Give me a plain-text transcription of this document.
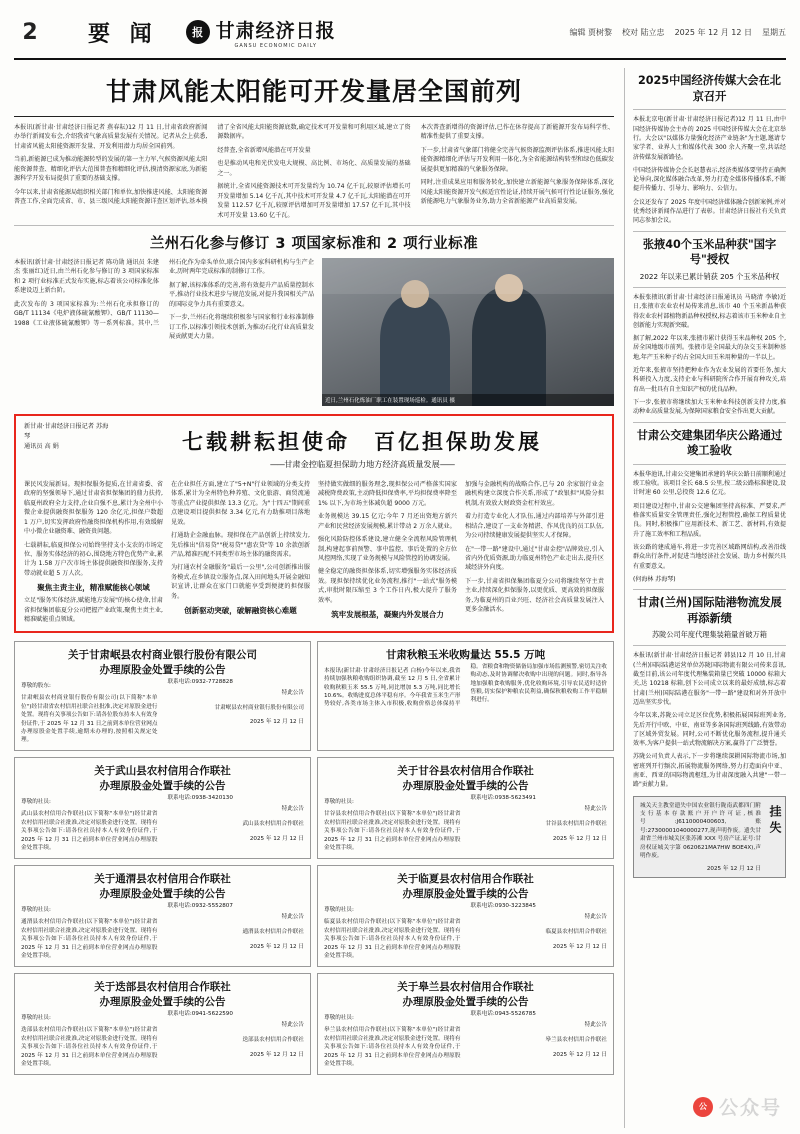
2	要 闻	报 甘肃经济日报
GANSU ECONOMIC DAILY
编辑 贾树黎 校对 陆立忠 2025 年 12 月 12 日 星期五
甘肃风能太阳能可开发量居全国前列

本报讯(新甘肃·甘肃经济日报记者 燕春耘)12 月 11 日,甘肃省政府新闻办举行新闻发布会,介绍我省气象高质量发展有关情况。记者从会上获悉,甘肃省风能太阳能资源开发量、开发利用潜力均居全国前列。

当前,新能源已成为推动能源转型的发展的第一主力军,气候资源风能太阳能资源普查、精细化评估大范围普查和精细化评估,摸清资源家底,为新能源科学开发布局提供了重要的基础支撑。

今年以来,甘肃省能源局组织相关部门和单位,加快推进风能、太阳能资源普查工作,全面完成省、市、县三级风能太阳能资源详查区划评估,基本摸清了全省风能太阳能资源底数,确定技术可开发量和可利用区域,建立了资源数据库。

经普查,全省新增风能潜在可开发量

也是推动风电和光伏发电大规模、高比例、市场化、高质量发展的基础之一。

据统计,全省风能资源技术可开发量约为 10.74 亿千瓦,较原评估增长可开发量增加 5.14 亿千瓦,其中技术可开发量 4.7 亿千瓦,太阳能潜在可开发量 112.57 亿千瓦,较原评估增加可开发量增加 17.57 亿千瓦,其中技术可开发量 13.60 亿千瓦。

本次普查新增得的资源评估,已作在休存提高了新能源开发布局科学性、精准性提供了重要支撑。

下一步,甘肃省气象部门将健全完善气候资源监测评估体系,推进风能太阳能资源精细化评估与开发利用一体化,为全省能源结构转型和绿色低碳发展提供更加精准的气象服务保障。

同时,注重成果应用和服务转化,加快建立新能源气象服务保障体系,深化风能太阳能资源开发气候适宜性论证,持续开展气候可行性论证服务,强化新能源电力气象服务业务,助力全省新能源产业高质量发展。

兰州石化参与修订 3 项国家标准和 2 项行业标准

本报讯(新甘肃·甘肃经济日报记者 陈功勋 通讯员 朱建杰 张丽红)近日,由兰州石化参与修订的 3 项国家标准和 2 项行业标准正式发布实施,标志着该公司标准化体系建设迈上新台阶。

此次发布的 3 项国家标准为:兰州石化承担修订的 GB/T 11134《电炉液体硫氰酸钾》、GB/T 11130—1988《工业液体硫氰酸钾》等一系列标准。其中,兰州石化作为牵头单位,联合国内多家科研机构与生产企业,历时两年完成标准的制修订工作。

据了解,该标准体系的完善,将有效提升产品质量控制水平,推动行业技术进步与规范发展,对提升我国相关产品的国际竞争力具有重要意义。

下一步,兰州石化将继续积极参与国家和行业标准制修订工作,以标准引领技术创新,为推动石化行业高质量发展贡献更大力量。

近日,兰州石化炼油厂职工在装置现场巡检。通讯员 摄
新甘肃·甘肃经济日报记者 苏海琴
通讯员 高 娟	七载耕耘担使命　百亿担保助发展
—— 甘肃金控临夏担保助力地方经济高质量发展 ——

课民风发展新局。现担保服务提质,在甘肃省委、省政府的坚强领导下,通过甘肃省担保集团的鼎力扶持,临夏州政府全力支持,企业自强不息,累计为全州中小微企业提供融资担保服务 120 余亿元,担保户数超 1 万户,切实发挥政府性融资担保机构作用,有效缓解中小微企业融资难、融资贵问题。

七载耕耘,临夏担保公司始终坚持支小支农的市场定位、服务实体经济的初心,围绕地方特色优势产业,累计为 1.58 万户次市场主体提供融资担保服务,支持带动就业超 5 万人次。

聚焦主责主业，精准赋能核心领域

立足"服务实体经济,赋能地方发展"的核心使命,甘肃省担保集团临夏分公司把握产业政策,聚焦主责主业,精准赋能重点领域。

在企业担任方面,建立了"5+N"行业领域的分类支持体系,累计为全州特色种养殖、文化旅游、商贸流通等重点产业提供担保 13.3 亿元。为"十四五"期间重点建设项目提供担保 3.34 亿元,有力助推项目落地见效。

打通助企金融血脉。现担保在产品创新上持续发力,先后推出"信易贷""税易贷""惠农贷"等 10 余款创新产品,精准匹配不同类型市场主体的融资需求。

为打通农村金融服务"最后一公里",公司创新推出服务模式,在乡镇设立服务点,深入田间地头开展金融知识宣讲,让群众在家门口就能享受到便捷的担保服务。

创新驱动突破，破解融资核心难题

坚持做实做细的服务理念,现担保公司严格落实国家减税降费政策,主动降低担保费率,平均担保费率降至 1% 以下,为市场主体减负超 9000 万元。

业务规模达 39.15 亿元;今年 7 月还出资地方新兴产业和民营经济发展规模,累计带动 2 万余人就业。

强化风险防控体系建设,建立健全全流程风险管理机制,构建起事前预警、事中监控、事后处置的全方位风控网络,实现了业务规模与风险管控的协调发展。

健全稳定的融资担保体系,切实增强服务实体经济质效。现担保持续优化业务流程,推行"一站式"服务模式,审批时限压缩至 3 个工作日内,极大提升了服务效率。

筑牢发展根基，凝聚内外发展合力

加强与金融机构的战略合作,已与 20 余家银行业金融机构建立深度合作关系,形成了"政银担"风险分担机制,有效放大财政资金杠杆效应。

着力打造专业化人才队伍,通过内部培养与外部引进相结合,建设了一支业务精湛、作风优良的员工队伍,为公司持续健康发展提供坚实人才保障。

在"一带一路"建设中,通过"甘肃金控"品牌效应,引入省内外优质资源,助力临夏州特色产业走出去,提升区域经济外向度。

下一步,甘肃省担保集团临夏分公司将继续坚守主责主业,持续深化担保服务,以更优质、更高效的担保服务,为临夏州的百业兴旺、经济社会高质量发展注入更多金融活水。

关于甘肃岷县农村商业银行股份有限公司
办理原股金处置手续的公告

尊敬的股东:

甘肃岷县农村商业银行股份有限公司(以下简称"本单位")经甘肃省农村信用社联合社批准,决定对原股金进行处置。现将有关事项公告如下:请各位股东持本人有效身份证件,于 2025 年 12 月 31 日之前到本单位营业网点办理原股金处置手续,逾期未办理的,按照相关规定处理。

联系电话:0932-7728828

特此公告

甘肃岷县农村商业银行股份有限公司

2025 年 12 月 12 日

甘肃秋粮玉米收购量达 55.5 万吨

本报讯(新甘肃·甘肃经济日报记者 白杨)今年以来,我省持续加强秋粮收购组织协调,截至 12 月 5 日,全省累计收购秋粮玉米 55.5 万吨,同比增加 5.3 万吨,同比增长 10.6%。收购进度总体平稳有序。今年我省玉米生产形势较好,各类市场主体入市积极,收购价格总体保持平稳。省粮食和物资储备局加强市场监测预警,密切关注收购动态,及时协调解决收购中出现的问题。同时,指导各地加强粮食收购服务,优化收购环境,引导农民适时适价售粮,切实保护种粮农民利益,确保秋粮收购工作平稳顺利进行。

关于武山县农村信用合作联社
办理原股金处置手续的公告

尊敬的社员:

武山县农村信用合作联社(以下简称"本单位")经甘肃省农村信用社联合社批准,决定对原股金进行处置。现将有关事项公告如下:请各位社员持本人有效身份证件,于 2025 年 12 月 31 日之前到本单位营业网点办理原股金处置手续。

联系电话:0938-3420130

特此公告

武山县农村信用合作联社

2025 年 12 月 12 日

关于甘谷县农村信用合作联社
办理原股金处置手续的公告

尊敬的社员:

甘谷县农村信用合作联社(以下简称"本单位")经甘肃省农村信用社联合社批准,决定对原股金进行处置。现将有关事项公告如下:请各位社员持本人有效身份证件,于 2025 年 12 月 31 日之前到本单位营业网点办理原股金处置手续。

联系电话:0938-5623491

特此公告

甘谷县农村信用合作联社

2025 年 12 月 12 日

关于通渭县农村信用合作联社
办理原股金处置手续的公告

尊敬的社员:

通渭县农村信用合作联社(以下简称"本单位")经甘肃省农村信用社联合社批准,决定对原股金进行处置。现将有关事项公告如下:请各位社员持本人有效身份证件,于 2025 年 12 月 31 日之前到本单位营业网点办理原股金处置手续。

联系电话:0932-5552807

特此公告

通渭县农村信用合作联社

2025 年 12 月 12 日

关于临夏县农村信用合作联社
办理原股金处置手续的公告

尊敬的社员:

临夏县农村信用合作联社(以下简称"本单位")经甘肃省农村信用社联合社批准,决定对原股金进行处置。现将有关事项公告如下:请各位社员持本人有效身份证件,于 2025 年 12 月 31 日之前到本单位营业网点办理原股金处置手续。

联系电话:0930-3223845

特此公告

临夏县农村信用合作联社

2025 年 12 月 12 日

关于迭部县农村信用合作联社
办理原股金处置手续的公告

尊敬的社员:

迭部县农村信用合作联社(以下简称"本单位")经甘肃省农村信用社联合社批准,决定对原股金进行处置。现将有关事项公告如下:请各位社员持本人有效身份证件,于 2025 年 12 月 31 日之前到本单位营业网点办理原股金处置手续。

联系电话:0941-5622590

特此公告

迭部县农村信用合作联社

2025 年 12 月 12 日

关于皋兰县农村信用合作联社
办理原股金处置手续的公告

尊敬的社员:

皋兰县农村信用合作联社(以下简称"本单位")经甘肃省农村信用社联合社批准,决定对原股金进行处置。现将有关事项公告如下:请各位社员持本人有效身份证件,于 2025 年 12 月 31 日之前到本单位营业网点办理原股金处置手续。

联系电话:0943-5526785

特此公告

皋兰县农村信用合作联社

2025 年 12 月 12 日

2025中国经济传媒大会在北京召开

本报北京电(新甘肃·甘肃经济日报记者)12 月 11 日,由中国经济传媒协会主办的 2025 中国经济传媒大会在北京举行。大会以"以媒体力量强化经济产业链条"为主题,邀请专家学者、业界人士和媒体代表 300 余人齐聚一堂,共话经济传媒发展新路径。

中国经济传媒协会会长赵慧表示,经济类媒体要坚持正确舆论导向,深化媒体融合改革,努力打造全媒体传播体系,不断提升传播力、引导力、影响力、公信力。

会议还发布了 2025 年度中国经济媒体融合创新案例,并对优秀经济新闻作品进行了表彰。甘肃经济日报社有关负责同志参加会议。

张掖40个玉米品种获"国字号"授权
2022 年以来已累计销获 205 个玉米品种权

本报张掖讯(新甘肃·甘肃经济日报通讯员 马晓清 李敏)近日,张掖市农业农村局传来消息,该市 40 个玉米新品种获得农业农村部植物新品种权授权,标志着该市玉米种业自主创新能力实现新突破。

据了解,2022 年以来,张掖市累计获得玉米品种权 205 个,居全国地级市前列。张掖市是全国最大的杂交玉米制种基地,年产玉米种子约占全国大田玉米用种量的一半以上。

近年来,张掖市坚持把种业作为农业发展的首要任务,加大科研投入力度,支持企业与科研院所合作开展育种攻关,培育出一批具有自主知识产权的优良品种。

下一步,张掖市将继续加大玉米种业科技创新支持力度,推动种业高质量发展,为保障国家粮食安全作出更大贡献。

甘肃公交建集团华庆公路通过竣工验收

本报华池讯,甘肃公交建集团承建的华庆公路日前顺利通过竣工验收。该项目全长 68.5 公里,按二级公路标准建设,设计时速 60 公里,总投资 12.6 亿元。

项目建设过程中,甘肃公交建集团坚持高标准、严要求,严格落实质量安全管理责任,强化过程管控,确保工程质量优良。同时,积极推广应用新技术、新工艺、新材料,有效提升了施工效率和工程品质。

该公路的建成通车,将进一步完善区域路网结构,改善沿线群众出行条件,对促进当地经济社会发展、助力乡村振兴具有重要意义。

(何海林 苏海琴)

甘肃(兰州)国际陆港物流发展再添新绩
苏陇公司年度代理集装箱量首破万箱

本报讯(新甘肃·甘肃经济日报记者 韩县)12 月 10 日,甘肃(兰州)国际陆港运营单位苏陇国际物流有限公司传来喜讯,截至目前,该公司年度代理集装箱量已突破 10000 标箱大关,达 10218 标箱,创下公司成立以来的最好成绩,标志着甘肃(兰州)国际陆港在服务"一带一路"建设和对外开放中迈出坚实步伐。

今年以来,苏陇公司立足区位优势,积极拓展国际班列业务,先后开行中欧、中亚、南亚等多条国际班列线路,有效带动了区域外贸发展。同时,公司不断优化服务流程,提升通关效率,为客户提供一站式物流解决方案,赢得了广泛赞誉。

苏陇公司负责人表示,下一步将继续深耕国际物流市场,加密班列开行频次,拓展物流服务网络,努力打造面向中亚、南亚、西亚的国际物流枢纽,为甘肃深度融入共建"一带一路"贡献力量。

挂失

城关天主教堂遗失中国农业银行陇南武都四门附支行基本存款账户开户许可证,核准号:J6110000400603,账号:27300001040000277,现声明作废。遗失甘肃省兰州市城关区张苏滩 XXX 号房产证,证号:甘房权证城关字第 0620621MA7HW BOE4X),声明作废。

2025 年 12 月 12 日
公 公众号
